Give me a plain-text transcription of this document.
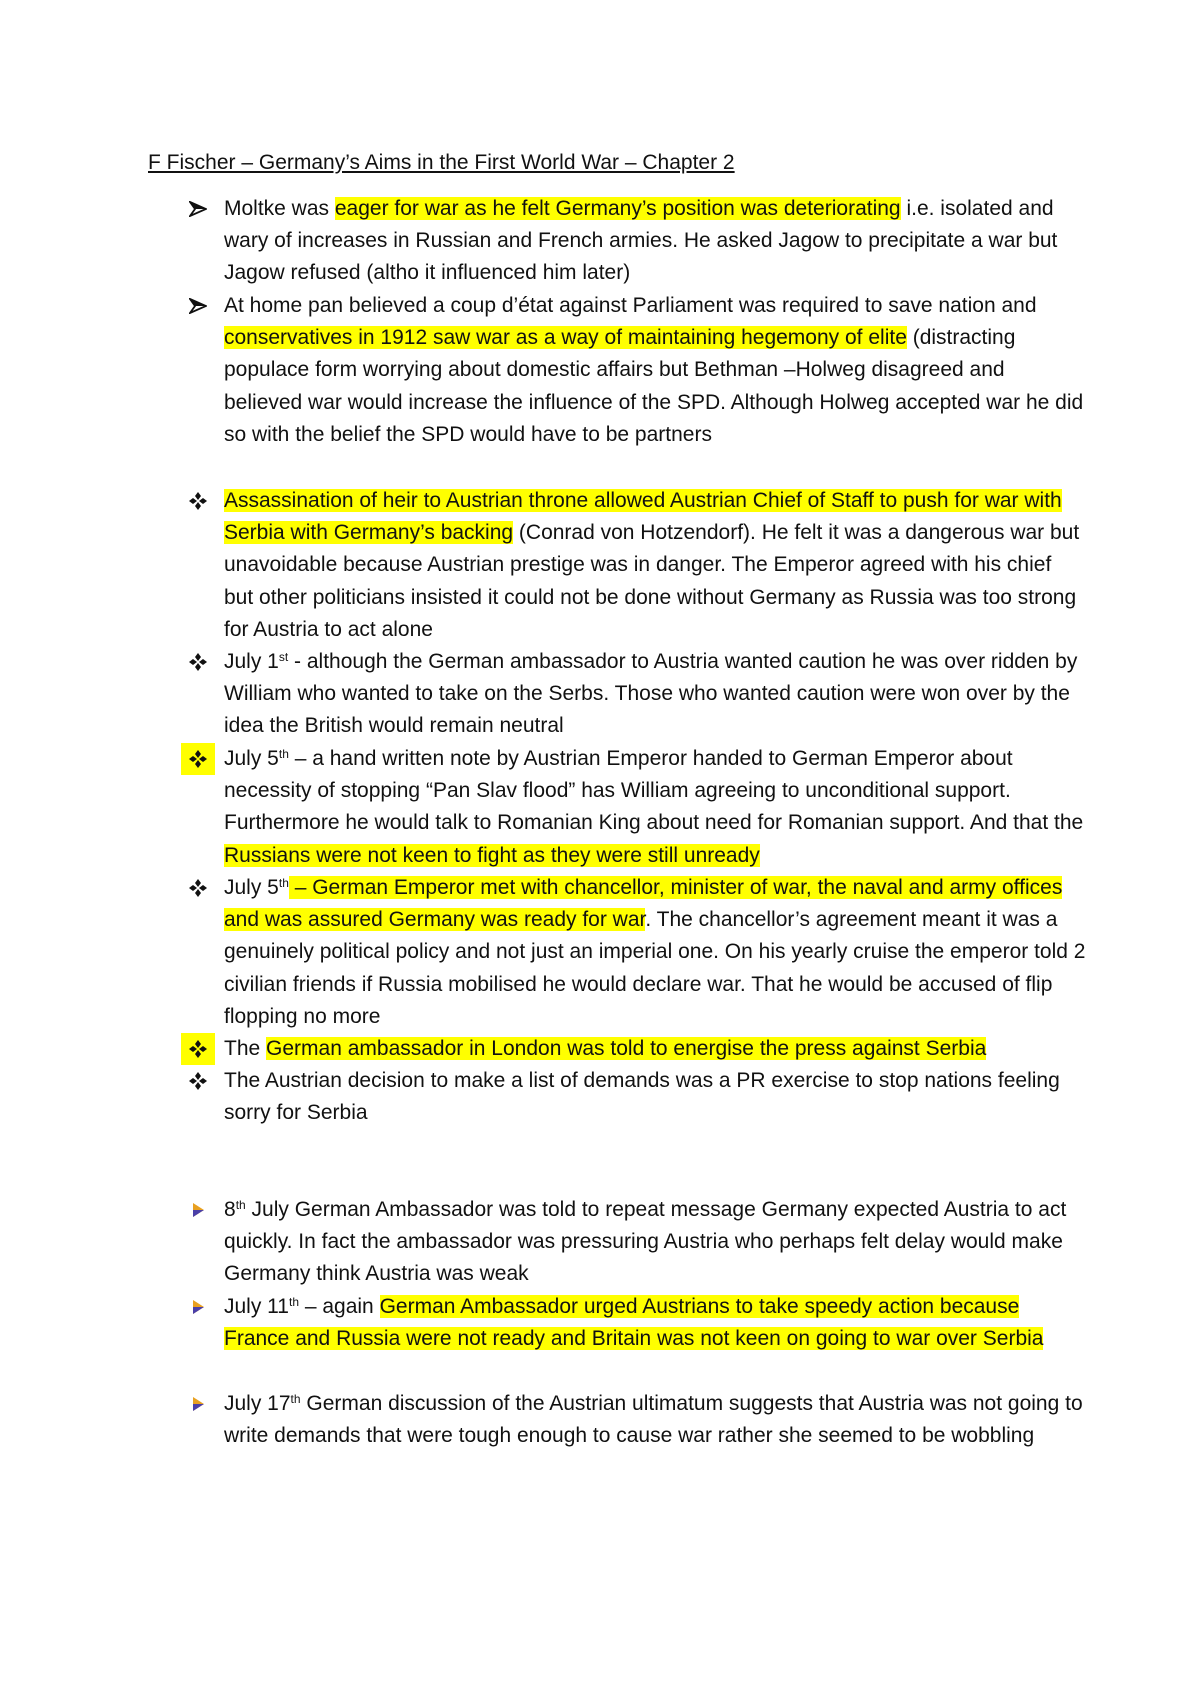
F Fischer – Germany’s Aims in the First World War – Chapter 2

Moltke was eager for war as he felt Germany’s position was deteriorating i.e. isolated and wary of increases in Russian and French armies. He asked Jagow to precipitate a war but Jagow refused (altho it influenced him later)

At home pan believed a coup d’état against Parliament was required to save nation and conservatives in 1912 saw war as a way of maintaining hegemony of elite (distracting populace form worrying about domestic affairs but Bethman –Holweg disagreed and believed war would increase the influence of the SPD. Although Holweg accepted war he did so with the belief the SPD would have to be partners

Assassination of heir to Austrian throne allowed Austrian Chief of Staff to push for war with Serbia with Germany’s backing (Conrad von Hotzendorf). He felt it was a dangerous war but unavoidable because Austrian prestige was in danger. The Emperor agreed with his chief but other politicians insisted it could not be done without Germany as Russia was too strong for Austria to act alone

July 1st - although the German ambassador to Austria wanted caution he was over ridden by William who wanted to take on the Serbs. Those who wanted caution were won over by the idea the British would remain neutral

July 5th – a hand written note by Austrian Emperor handed to German Emperor about necessity of stopping “Pan Slav flood” has William agreeing to unconditional support. Furthermore he would talk to Romanian King about need for Romanian support. And that the Russians were not keen to fight as they were still unready

July 5th – German Emperor met with chancellor, minister of war, the naval and army offices and was assured Germany was ready for war. The chancellor’s agreement meant it was a genuinely political policy and not just an imperial one. On his yearly cruise the emperor told 2 civilian friends if Russia mobilised he would declare war. That he would be accused of flip flopping no more

The German ambassador in London was told to energise the press against Serbia

The Austrian decision to make a list of demands was a PR exercise to stop nations feeling sorry for Serbia

8th July German Ambassador was told to repeat message Germany expected Austria to act quickly. In fact the ambassador was pressuring Austria who perhaps felt delay would make Germany think Austria was weak

July 11th – again German Ambassador urged Austrians to take speedy action because France and Russia were not ready and Britain was not keen on going to war over Serbia

July 17th German discussion of the Austrian ultimatum suggests that Austria was not going to write demands that were tough enough to cause war rather she seemed to be wobbling
